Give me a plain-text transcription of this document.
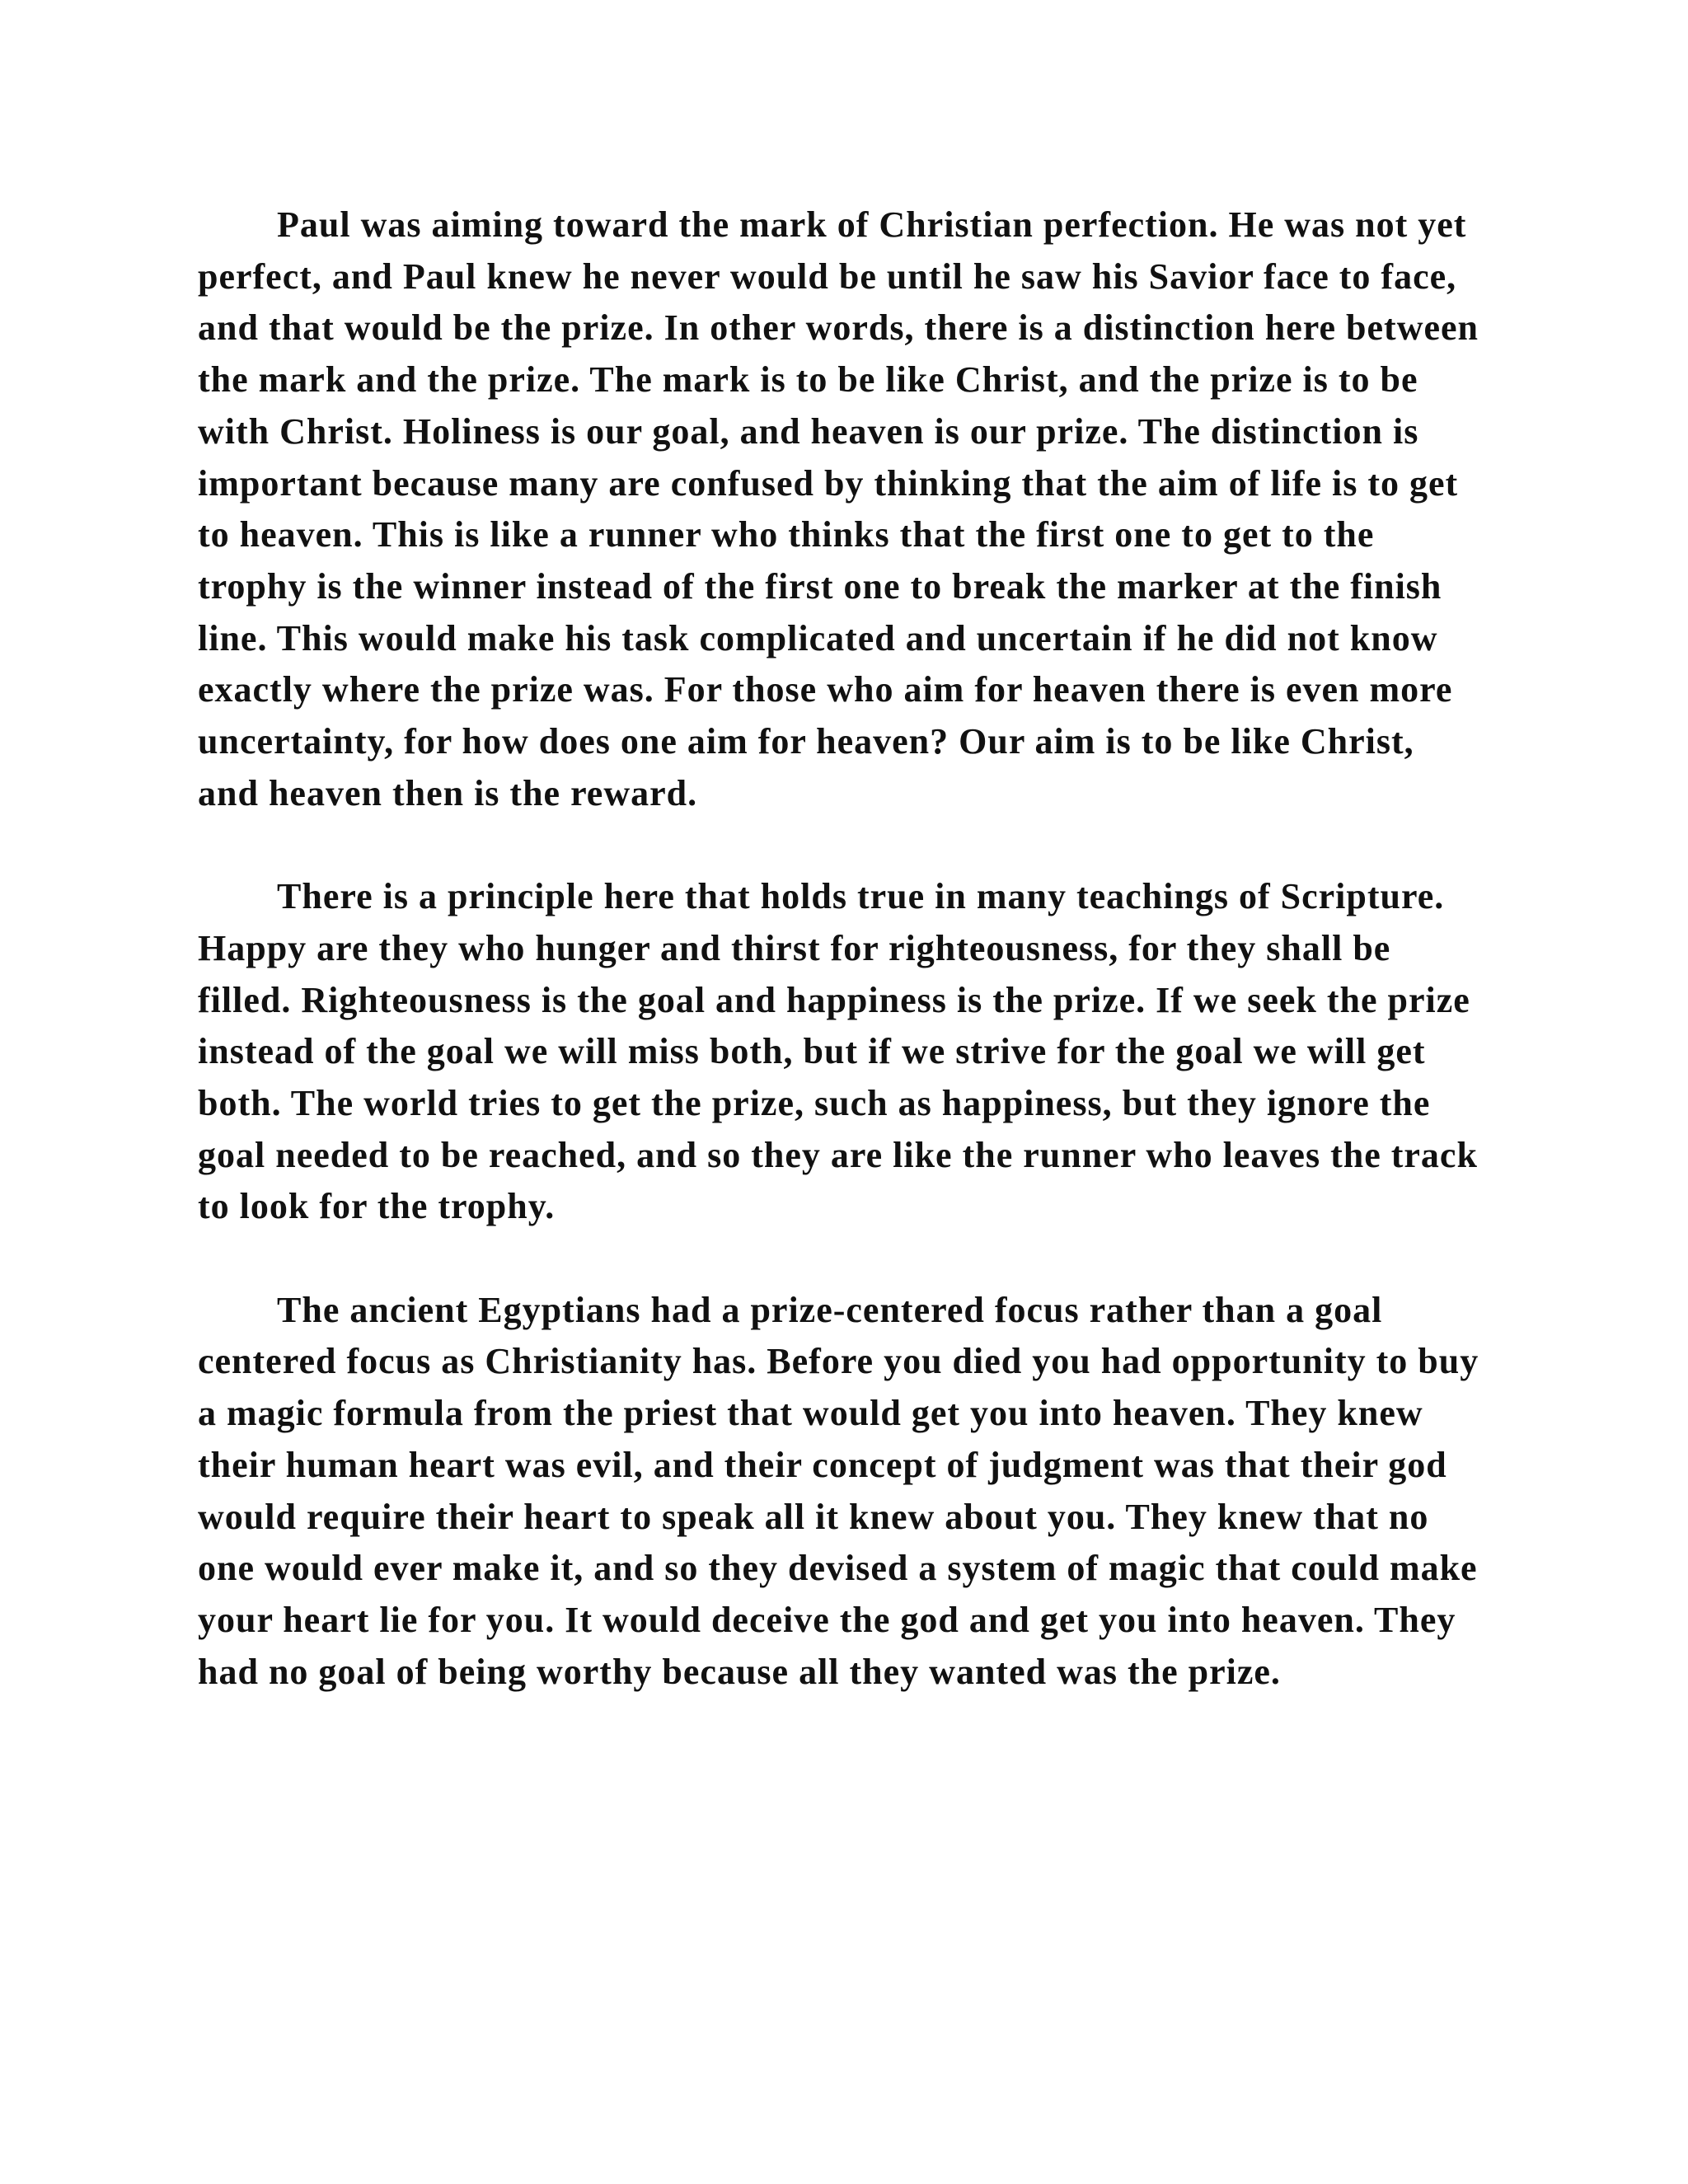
Paul was aiming toward the mark of Christian perfection. He was not yet perfect, and Paul knew he never would be until he saw his Savior face to face, and that would be the prize. In other words, there is a distinction here between the mark and the prize. The mark is to be like Christ, and the prize is to be with Christ. Holiness is our goal, and heaven is our prize. The distinction is important because many are confused by thinking that the aim of life is to get to heaven. This is like a runner who thinks that the first one to get to the trophy is the winner instead of the first one to break the marker at the finish line. This would make his task complicated and uncertain if he did not know exactly where the prize was. For those who aim for heaven there is even more uncertainty, for how does one aim for heaven? Our aim is to be like Christ, and heaven then is the reward.

There is a principle here that holds true in many teachings of Scripture. Happy are they who hunger and thirst for righteousness, for they shall be filled. Righteousness is the goal and happiness is the prize. If we seek the prize instead of the goal we will miss both, but if we strive for the goal we will get both. The world tries to get the prize, such as happiness, but they ignore the goal needed to be reached, and so they are like the runner who leaves the track to look for the trophy.

The ancient Egyptians had a prize-centered focus rather than a goal centered focus as Christianity has. Before you died you had opportunity to buy a magic formula from the priest that would get you into heaven. They knew their human heart was evil, and their concept of judgment was that their god would require their heart to speak all it knew about you. They knew that no one would ever make it, and so they devised a system of magic that could make your heart lie for you. It would deceive the god and get you into heaven. They had no goal of being worthy because all they wanted was the prize.
